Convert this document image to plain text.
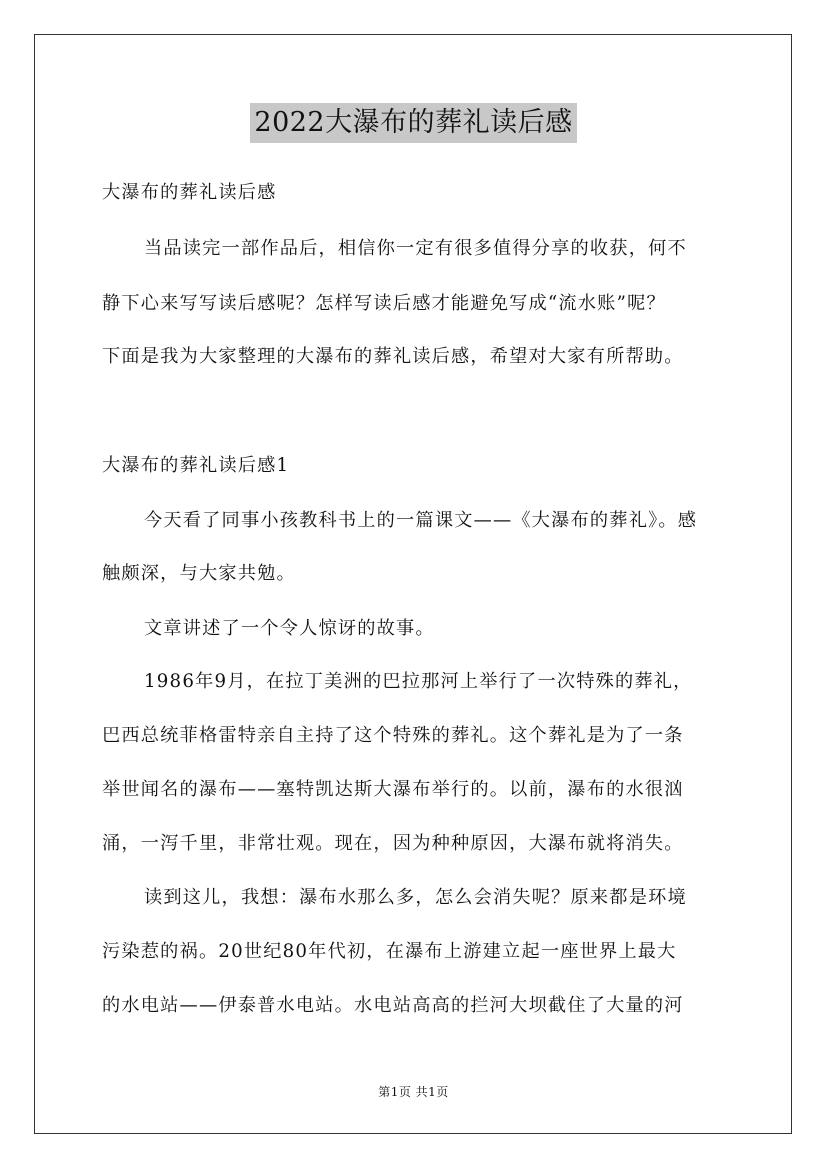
2022大瀑布的葬礼读后感
大瀑布的葬礼读后感
当品读完一部作品后，相信你一定有很多值得分享的收获，何不
静下心来写写读后感呢？怎样写读后感才能避免写成“流水账”呢？
下面是我为大家整理的大瀑布的葬礼读后感，希望对大家有所帮助。
大瀑布的葬礼读后感1
今天看了同事小孩教科书上的一篇课文——《大瀑布的葬礼》。感
触颇深，与大家共勉。
文章讲述了一个令人惊讶的故事。
1986年9月，在拉丁美洲的巴拉那河上举行了一次特殊的葬礼，
巴西总统菲格雷特亲自主持了这个特殊的葬礼。这个葬礼是为了一条
举世闻名的瀑布——塞特凯达斯大瀑布举行的。以前，瀑布的水很汹
涌，一泻千里，非常壮观。现在，因为种种原因，大瀑布就将消失。
读到这儿，我想：瀑布水那么多，怎么会消失呢？原来都是环境
污染惹的祸。20世纪80年代初，在瀑布上游建立起一座世界上最大
的水电站——伊泰普水电站。水电站高高的拦河大坝截住了大量的河
第1页 共1页
